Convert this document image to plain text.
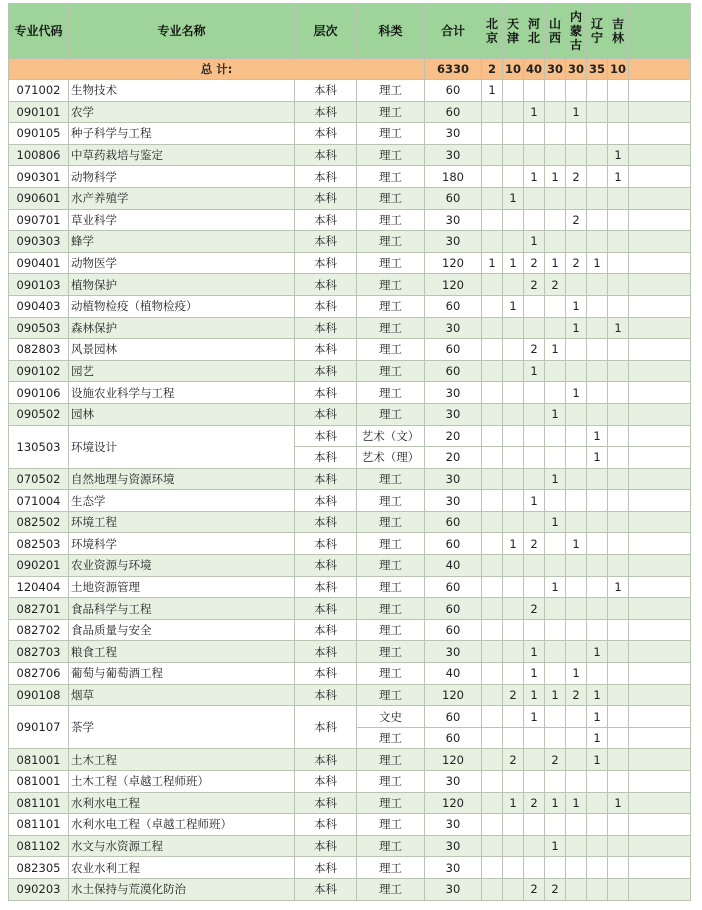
专业代码	专业名称	层次	科类	合计	北京	天津	河北	山西	内蒙古	辽宁	吉林	
总 计:				6330	2	10	40	30	30	35	10	
071002	生物技术	本科	理工	60	1							
090101	农学	本科	理工	60			1		1			
090105	种子科学与工程	本科	理工	30								
100806	中草药栽培与鉴定	本科	理工	30							1	
090301	动物科学	本科	理工	180			1	1	2		1	
090601	水产养殖学	本科	理工	60		1						
090701	草业科学	本科	理工	30					2			
090303	蜂学	本科	理工	30			1					
090401	动物医学	本科	理工	120	1	1	2	1	2	1		
090103	植物保护	本科	理工	120			2	2				
090403	动植物检疫（植物检疫）	本科	理工	60		1			1			
090503	森林保护	本科	理工	30					1		1	
082803	风景园林	本科	理工	60			2	1				
090102	园艺	本科	理工	60			1					
090106	设施农业科学与工程	本科	理工	30					1			
090502	园林	本科	理工	30				1				
130503	环境设计	本科	艺术（文）	20						1		
		本科	艺术（理）	20						1		
070502	自然地理与资源环境	本科	理工	30				1				
071004	生态学	本科	理工	30			1					
082502	环境工程	本科	理工	60				1				
082503	环境科学	本科	理工	60		1	2		1			
090201	农业资源与环境	本科	理工	40								
120404	土地资源管理	本科	理工	60				1			1	
082701	食品科学与工程	本科	理工	60			2					
082702	食品质量与安全	本科	理工	60								
082703	粮食工程	本科	理工	30			1			1		
082706	葡萄与葡萄酒工程	本科	理工	40			1		1			
090108	烟草	本科	理工	120		2	1	1	2	1		
090107	茶学	本科	文史	60			1			1		
			理工	60						1		
081001	土木工程	本科	理工	120		2		2		1		
081001	土木工程（卓越工程师班）	本科	理工	30								
081101	水利水电工程	本科	理工	120		1	2	1	1		1	
081101	水利水电工程（卓越工程师班）	本科	理工	30								
081102	水文与水资源工程	本科	理工	30				1				
082305	农业水利工程	本科	理工	30								
090203	水土保持与荒漠化防治	本科	理工	30			2	2				
